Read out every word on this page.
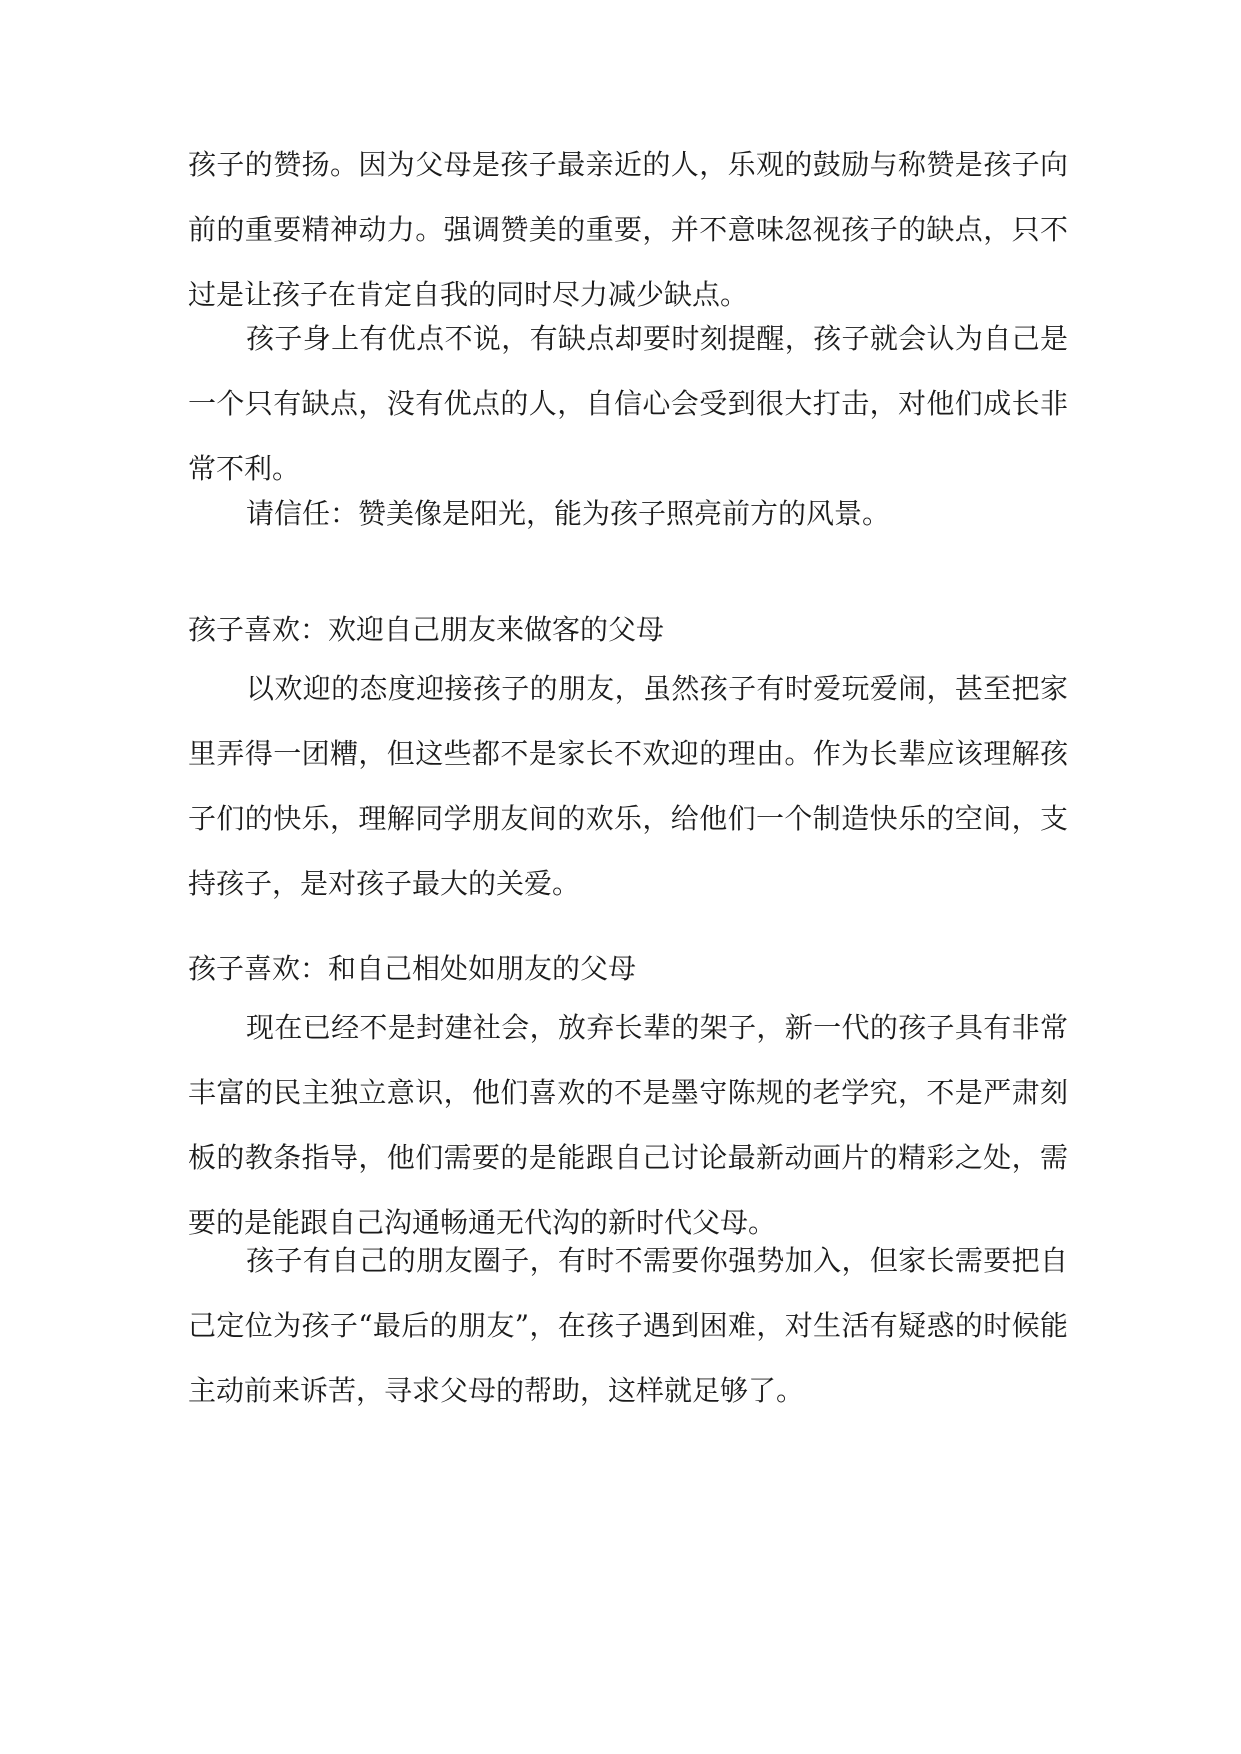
孩子的赞扬。因为父母是孩子最亲近的人，乐观的鼓励与称赞是孩子向前的重要精神动力。强调赞美的重要，并不意味忽视孩子的缺点，只不过是让孩子在肯定自我的同时尽力减少缺点。

孩子身上有优点不说，有缺点却要时刻提醒，孩子就会认为自己是一个只有缺点，没有优点的人，自信心会受到很大打击，对他们成长非常不利。

请信任：赞美像是阳光，能为孩子照亮前方的风景。

孩子喜欢：欢迎自己朋友来做客的父母

以欢迎的态度迎接孩子的朋友，虽然孩子有时爱玩爱闹，甚至把家里弄得一团糟，但这些都不是家长不欢迎的理由。作为长辈应该理解孩子们的快乐，理解同学朋友间的欢乐，给他们一个制造快乐的空间，支持孩子，是对孩子最大的关爱。

孩子喜欢：和自己相处如朋友的父母

现在已经不是封建社会，放弃长辈的架子，新一代的孩子具有非常丰富的民主独立意识，他们喜欢的不是墨守陈规的老学究，不是严肃刻板的教条指导，他们需要的是能跟自己讨论最新动画片的精彩之处，需要的是能跟自己沟通畅通无代沟的新时代父母。

孩子有自己的朋友圈子，有时不需要你强势加入，但家长需要把自己定位为孩子“最后的朋友”，在孩子遇到困难，对生活有疑惑的时候能主动前来诉苦，寻求父母的帮助，这样就足够了。
